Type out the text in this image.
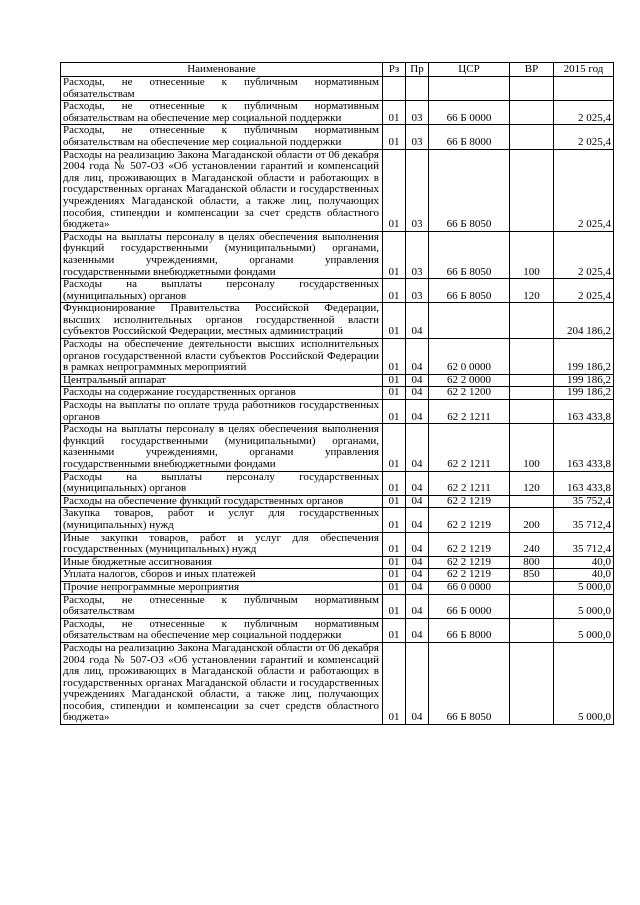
Наименование	Рз	Пр	ЦСР	ВР	2015 год
Расходы, не отнесенные к публичным нормативным обязательствам					
Расходы, не отнесенные к публичным нормативным обязательствам на обеспечение мер социальной поддержки	01	03	66 Б 0000		2 025,4
Расходы, не отнесенные к публичным нормативным обязательствам на обеспечение мер социальной поддержки	01	03	66 Б 8000		2 025,4
Расходы на реализацию Закона Магаданской области от 06 декабря 2004 года № 507-ОЗ «Об установлении гарантий и компенсаций для лиц, проживающих в Магаданской области и работающих в государственных органах Магаданской области и государственных учреждениях Магаданской области, а также лиц, получающих пособия, стипендии и компенсации за счет средств областного бюджета»	01	03	66 Б 8050		2 025,4
Расходы на выплаты персоналу в целях обеспечения выполнения функций государственными (муниципальными) органами, казенными учреждениями, органами управления государственными внебюджетными фондами	01	03	66 Б 8050	100	2 025,4
Расходы на выплаты персоналу государственных (муниципальных) органов	01	03	66 Б 8050	120	2 025,4
Функционирование Правительства Российской Федерации, высших исполнительных органов государственной власти субъектов Российской Федерации, местных администраций	01	04			204 186,2
Расходы на обеспечение деятельности высших исполнительных органов государственной власти субъектов Российской Федерации в рамках непрограммных мероприятий	01	04	62 0 0000		199 186,2
Центральный аппарат	01	04	62 2 0000		199 186,2
Расходы на содержание государственных органов	01	04	62 2 1200		199 186,2
Расходы на выплаты по оплате труда работников государственных органов	01	04	62 2 1211		163 433,8
Расходы на выплаты персоналу в целях обеспечения выполнения функций государственными (муниципальными) органами, казенными учреждениями, органами управления государственными внебюджетными фондами	01	04	62 2 1211	100	163 433,8
Расходы на выплаты персоналу государственных (муниципальных) органов	01	04	62 2 1211	120	163 433,8
Расходы на обеспечение функций государственных органов	01	04	62 2 1219		35 752,4
Закупка товаров, работ и услуг для государственных (муниципальных) нужд	01	04	62 2 1219	200	35 712,4
Иные закупки товаров, работ и услуг для обеспечения государственных (муниципальных) нужд	01	04	62 2 1219	240	35 712,4
Иные бюджетные ассигнования	01	04	62 2 1219	800	40,0
Уплата налогов, сборов и иных платежей	01	04	62 2 1219	850	40,0
Прочие непрограммные мероприятия	01	04	66 0 0000		5 000,0
Расходы, не отнесенные к публичным нормативным обязательствам	01	04	66 Б 0000		5 000,0
Расходы, не отнесенные к публичным нормативным обязательствам на обеспечение мер социальной поддержки	01	04	66 Б 8000		5 000,0
Расходы на реализацию Закона Магаданской области от 06 декабря 2004 года № 507-ОЗ «Об установлении гарантий и компенсаций для лиц, проживающих в Магаданской области и работающих в государственных органах Магаданской области и государственных учреждениях Магаданской области, а также лиц, получающих пособия, стипендии и компенсации за счет средств областного бюджета»	01	04	66 Б 8050		5 000,0
